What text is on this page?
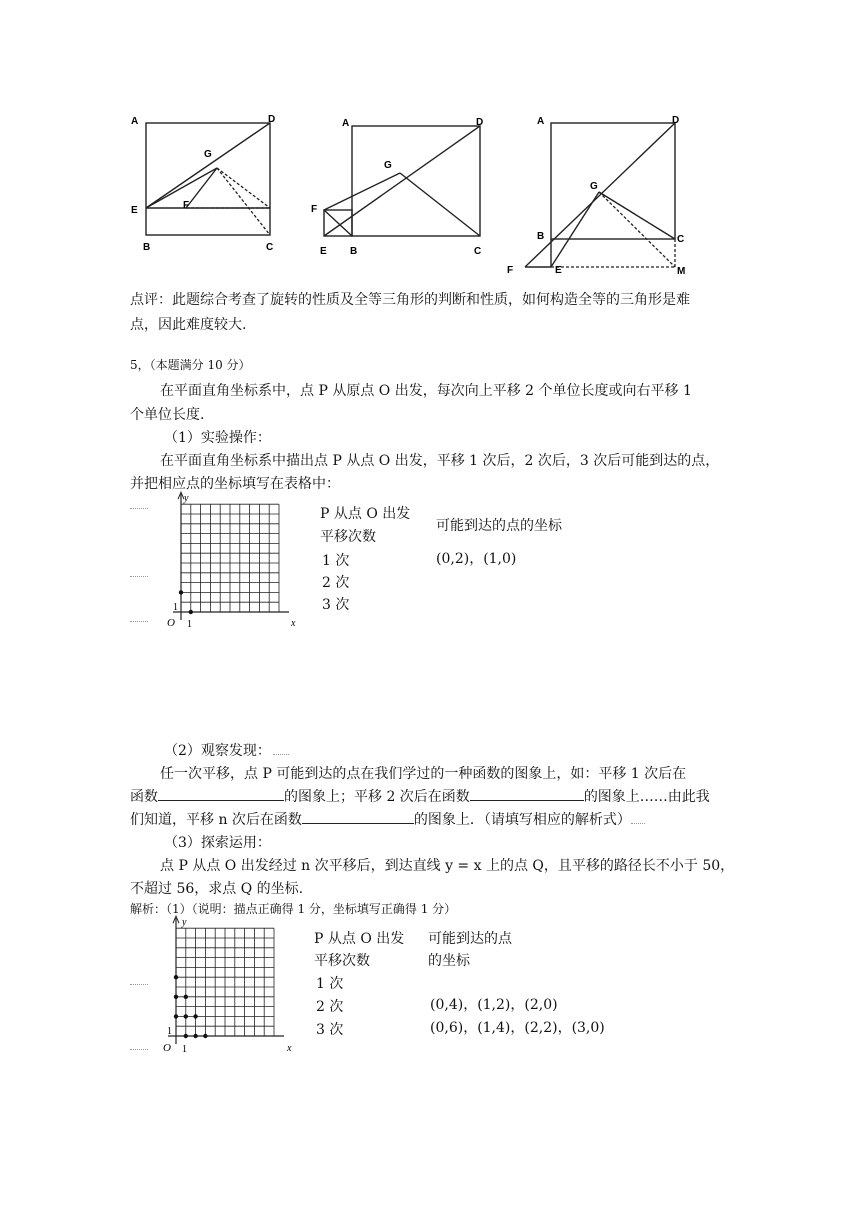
A	D
G
E	F
B	C
A	D
G
F
E B	C
A	D
G
B	C
F	E	M
点评：此题综合考查了旋转的性质及全等三角形的判断和性质，如何构造全等的三角形是难
点，因此难度较大.
5，（本题满分 10 分）
在平面直角坐标系中，点 P 从原点 O 出发，每次向上平移 2 个单位长度或向右平移 1
个单位长度.
（1）实验操作：
在平面直角坐标系中描出点 P 从点 O 出发，平移 1 次后，2 次后，3 次后可能到达的点，
并把相应点的坐标填写在表格中：
y
x
O 1
1
P 从点 O 出发
平移次数
可能到达的点的坐标
1 次	(0,2)，(1,0)
2 次
3 次
（2）观察发现：
任一次平移，点 P 可能到达的点在我们学过的一种函数的图象上，如：平移 1 次后在
函数	的图象上；平移 2 次后在函数	的图象上……由此我
们知道，平移 n 次后在函数	的图象上．（请填写相应的解析式）
（3）探索运用：
点 P 从点 O 出发经过 n 次平移后，到达直线 y = x 上的点 Q，且平移的路径长不小于 50，
不超过 56，求点 Q 的坐标.
解析：（1）（说明：描点正确得 1 分，坐标填写正确得 1 分）
y
x
O 1
1
P 从点 O 出发
平移次数
可能到达的点
的坐标
1 次
2 次	(0,4)，(1,2)，(2,0)
3 次	(0,6)，(1,4)，(2,2)，(3,0)
